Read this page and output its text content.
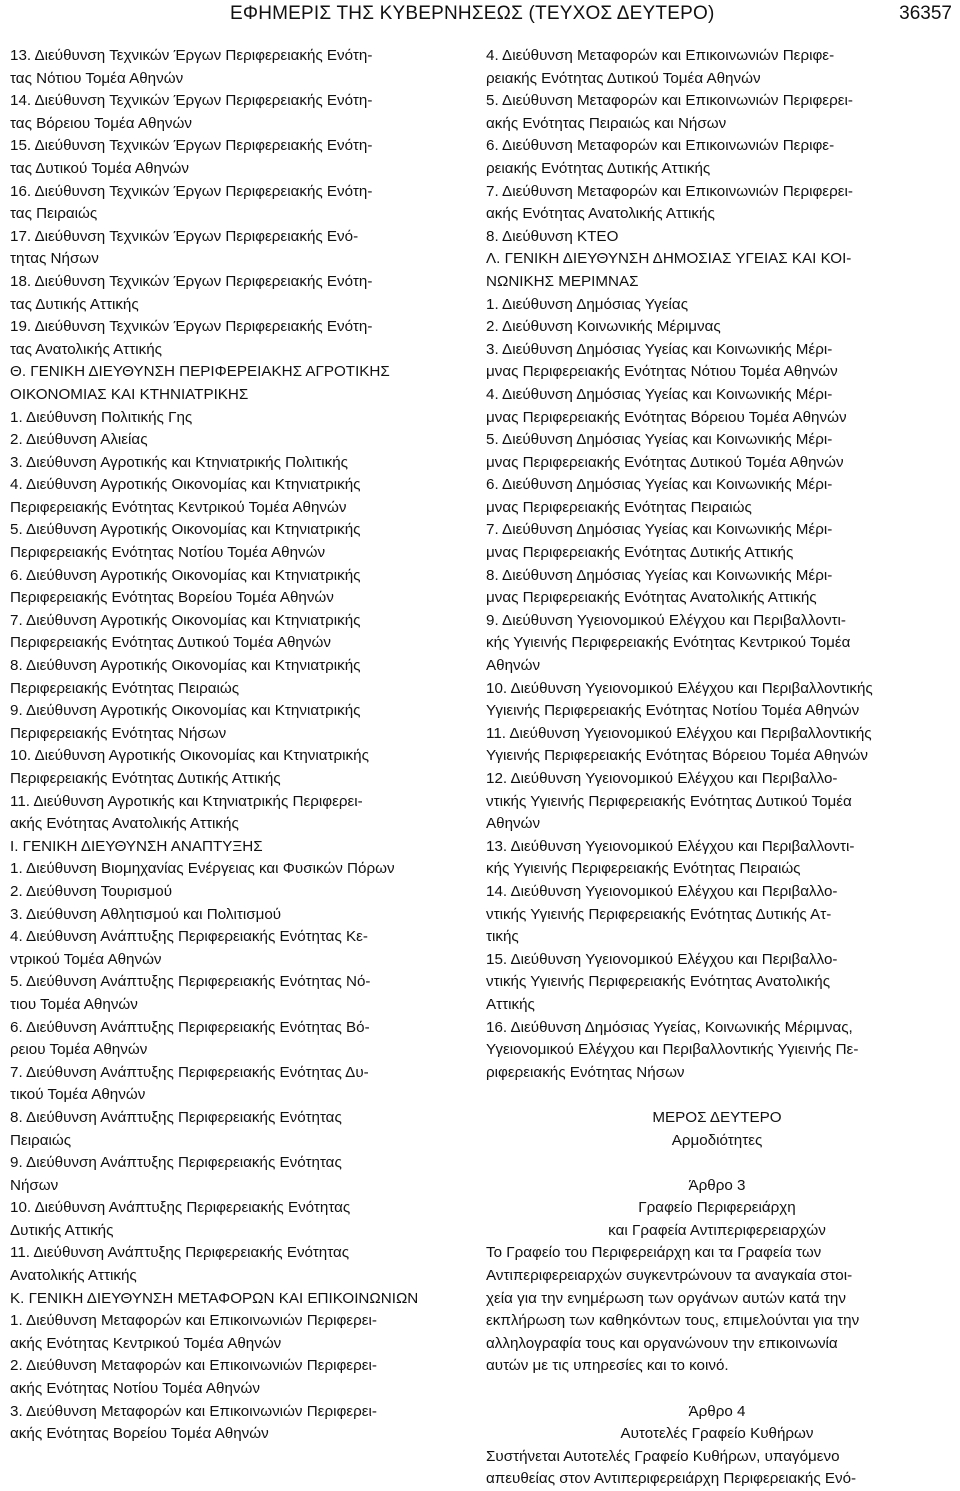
ΕΦΗΜΕΡΙΣ ΤΗΣ ΚΥΒΕΡΝΗΣΕΩΣ (ΤΕΥΧΟΣ ΔΕΥΤΕΡΟ)	36357
13. Διεύθυνση Τεχνικών Έργων Περιφερειακής Ενότη-
τας Νότιου Τομέα Αθηνών
14. Διεύθυνση Τεχνικών Έργων Περιφερειακής Ενότη-
τας Βόρειου Τομέα Αθηνών
15. Διεύθυνση Τεχνικών Έργων Περιφερειακής Ενότη-
τας Δυτικού Τομέα Αθηνών
16. Διεύθυνση Τεχνικών Έργων Περιφερειακής Ενότη-
τας Πειραιώς
17. Διεύθυνση Τεχνικών Έργων Περιφερειακής Ενό-
τητας Νήσων
18. Διεύθυνση Τεχνικών Έργων Περιφερειακής Ενότη-
τας Δυτικής Αττικής
19. Διεύθυνση Τεχνικών Έργων Περιφερειακής Ενότη-
τας Ανατολικής Αττικής
Θ. ΓΕΝΙΚΗ ΔΙΕΥΘΥΝΣΗ ΠΕΡΙΦΕΡΕΙΑΚΗΣ ΑΓΡΟΤΙΚΗΣ
ΟΙΚΟΝΟΜΙΑΣ ΚΑΙ ΚΤΗΝΙΑΤΡΙΚΗΣ
1. Διεύθυνση Πολιτικής Γης
2. Διεύθυνση Αλιείας
3. Διεύθυνση Αγροτικής και Κτηνιατρικής Πολιτικής
4. Διεύθυνση Αγροτικής Οικονομίας και Κτηνιατρικής
Περιφερειακής Ενότητας Κεντρικού Τομέα Αθηνών
5. Διεύθυνση Αγροτικής Οικονομίας και Κτηνιατρικής
Περιφερειακής Ενότητας Νοτίου Τομέα Αθηνών
6. Διεύθυνση Αγροτικής Οικονομίας και Κτηνιατρικής
Περιφερειακής Ενότητας Βορείου Τομέα Αθηνών
7. Διεύθυνση Αγροτικής Οικονομίας και Κτηνιατρικής
Περιφερειακής Ενότητας Δυτικού Τομέα Αθηνών
8. Διεύθυνση Αγροτικής Οικονομίας και Κτηνιατρικής
Περιφερειακής Ενότητας Πειραιώς
9. Διεύθυνση Αγροτικής Οικονομίας και Κτηνιατρικής
Περιφερειακής Ενότητας Νήσων
10. Διεύθυνση Αγροτικής Οικονομίας και Κτηνιατρικής
Περιφερειακής Ενότητας Δυτικής Αττικής
11. Διεύθυνση Αγροτικής και Κτηνιατρικής Περιφερει-
ακής Ενότητας Ανατολικής Αττικής
Ι. ΓΕΝΙΚΗ ΔΙΕΥΘΥΝΣΗ ΑΝΑΠΤΥΞΗΣ
1. Διεύθυνση Βιομηχανίας Ενέργειας και Φυσικών Πόρων
2. Διεύθυνση Τουρισμού
3. Διεύθυνση Αθλητισμού και Πολιτισμού
4. Διεύθυνση Ανάπτυξης Περιφερειακής Ενότητας Κε-
ντρικού Τομέα Αθηνών
5. Διεύθυνση Ανάπτυξης Περιφερειακής Ενότητας Νό-
τιου Τομέα Αθηνών
6. Διεύθυνση Ανάπτυξης Περιφερειακής Ενότητας Βό-
ρειου Τομέα Αθηνών
7. Διεύθυνση Ανάπτυξης Περιφερειακής Ενότητας Δυ-
τικού Τομέα Αθηνών
8. Διεύθυνση Ανάπτυξης Περιφερειακής Ενότητας
Πειραιώς
9. Διεύθυνση Ανάπτυξης Περιφερειακής Ενότητας
Νήσων
10. Διεύθυνση Ανάπτυξης Περιφερειακής Ενότητας
Δυτικής Αττικής
11. Διεύθυνση Ανάπτυξης Περιφερειακής Ενότητας
Ανατολικής Αττικής
Κ. ΓΕΝΙΚΗ ΔΙΕΥΘΥΝΣΗ ΜΕΤΑΦΟΡΩΝ ΚΑΙ ΕΠΙΚΟΙΝΩΝΙΩΝ
1. Διεύθυνση Μεταφορών και Επικοινωνιών Περιφερει-
ακής Ενότητας Κεντρικού Τομέα Αθηνών
2. Διεύθυνση Μεταφορών και Επικοινωνιών Περιφερει-
ακής Ενότητας Νοτίου Τομέα Αθηνών
3. Διεύθυνση Μεταφορών και Επικοινωνιών Περιφερει-
ακής Ενότητας Βορείου Τομέα Αθηνών
4. Διεύθυνση Μεταφορών και Επικοινωνιών Περιφε-
ρειακής Ενότητας Δυτικού Τομέα Αθηνών
5. Διεύθυνση Μεταφορών και Επικοινωνιών Περιφερει-
ακής Ενότητας Πειραιώς και Νήσων
6. Διεύθυνση Μεταφορών και Επικοινωνιών Περιφε-
ρειακής Ενότητας Δυτικής Αττικής
7. Διεύθυνση Μεταφορών και Επικοινωνιών Περιφερει-
ακής Ενότητας Ανατολικής Αττικής
8. Διεύθυνση ΚΤΕΟ
Λ. ΓΕΝΙΚΗ ΔΙΕΥΘΥΝΣΗ ΔΗΜΟΣΙΑΣ ΥΓΕΙΑΣ ΚΑΙ ΚΟΙ-
ΝΩΝΙΚΗΣ ΜΕΡΙΜΝΑΣ
1. Διεύθυνση Δημόσιας Υγείας
2. Διεύθυνση Κοινωνικής Μέριμνας
3. Διεύθυνση Δημόσιας Υγείας και Κοινωνικής Μέρι-
μνας Περιφερειακής Ενότητας Νότιου Τομέα Αθηνών
4. Διεύθυνση Δημόσιας Υγείας και Κοινωνικής Μέρι-
μνας Περιφερειακής Ενότητας Βόρειου Τομέα Αθηνών
5. Διεύθυνση Δημόσιας Υγείας και Κοινωνικής Μέρι-
μνας Περιφερειακής Ενότητας Δυτικού Τομέα Αθηνών
6. Διεύθυνση Δημόσιας Υγείας και Κοινωνικής Μέρι-
μνας Περιφερειακής Ενότητας Πειραιώς
7. Διεύθυνση Δημόσιας Υγείας και Κοινωνικής Μέρι-
μνας Περιφερειακής Ενότητας Δυτικής Αττικής
8. Διεύθυνση Δημόσιας Υγείας και Κοινωνικής Μέρι-
μνας Περιφερειακής Ενότητας Ανατολικής Αττικής
9. Διεύθυνση Υγειονομικού Ελέγχου και Περιβαλλοντι-
κής Υγιεινής Περιφερειακής Ενότητας Κεντρικού Τομέα
Αθηνών
10. Διεύθυνση Υγειονομικού Ελέγχου και Περιβαλλοντικής
Υγιεινής Περιφερειακής Ενότητας Νοτίου Τομέα Αθηνών
11. Διεύθυνση Υγειονομικού Ελέγχου και Περιβαλλοντικής
Υγιεινής Περιφερειακής Ενότητας Βόρειου Τομέα Αθηνών
12. Διεύθυνση Υγειονομικού Ελέγχου και Περιβαλλο-
ντικής Υγιεινής Περιφερειακής Ενότητας Δυτικού Τομέα
Αθηνών
13. Διεύθυνση Υγειονομικού Ελέγχου και Περιβαλλοντι-
κής Υγιεινής Περιφερειακής Ενότητας Πειραιώς
14. Διεύθυνση Υγειονομικού Ελέγχου και Περιβαλλο-
ντικής Υγιεινής Περιφερειακής Ενότητας Δυτικής Ατ-
τικής
15. Διεύθυνση Υγειονομικού Ελέγχου και Περιβαλλο-
ντικής Υγιεινής Περιφερειακής Ενότητας Ανατολικής
Αττικής
16. Διεύθυνση Δημόσιας Υγείας, Κοινωνικής Μέριμνας,
Υγειονομικού Ελέγχου και Περιβαλλοντικής Υγιεινής Πε-
ριφερειακής Ενότητας Νήσων
ΜΕΡΟΣ ΔΕΥΤΕΡΟ
Αρμοδιότητες
Άρθρο 3
Γραφείο Περιφερειάρχη
και Γραφεία Αντιπεριφερειαρχών
Το Γραφείο του Περιφερειάρχη και τα Γραφεία των
Αντιπεριφερειαρχών συγκεντρώνουν τα αναγκαία στοι-
χεία για την ενημέρωση των οργάνων αυτών κατά την
εκπλήρωση των καθηκόντων τους, επιμελούνται για την
αλληλογραφία τους και οργανώνουν την επικοινωνία
αυτών με τις υπηρεσίες και το κοινό.
Άρθρο 4
Αυτοτελές Γραφείο Κυθήρων
Συστήνεται Αυτοτελές Γραφείο Κυθήρων, υπαγόμενο
απευθείας στον Αντιπεριφερειάρχη Περιφερειακής Ενό-
